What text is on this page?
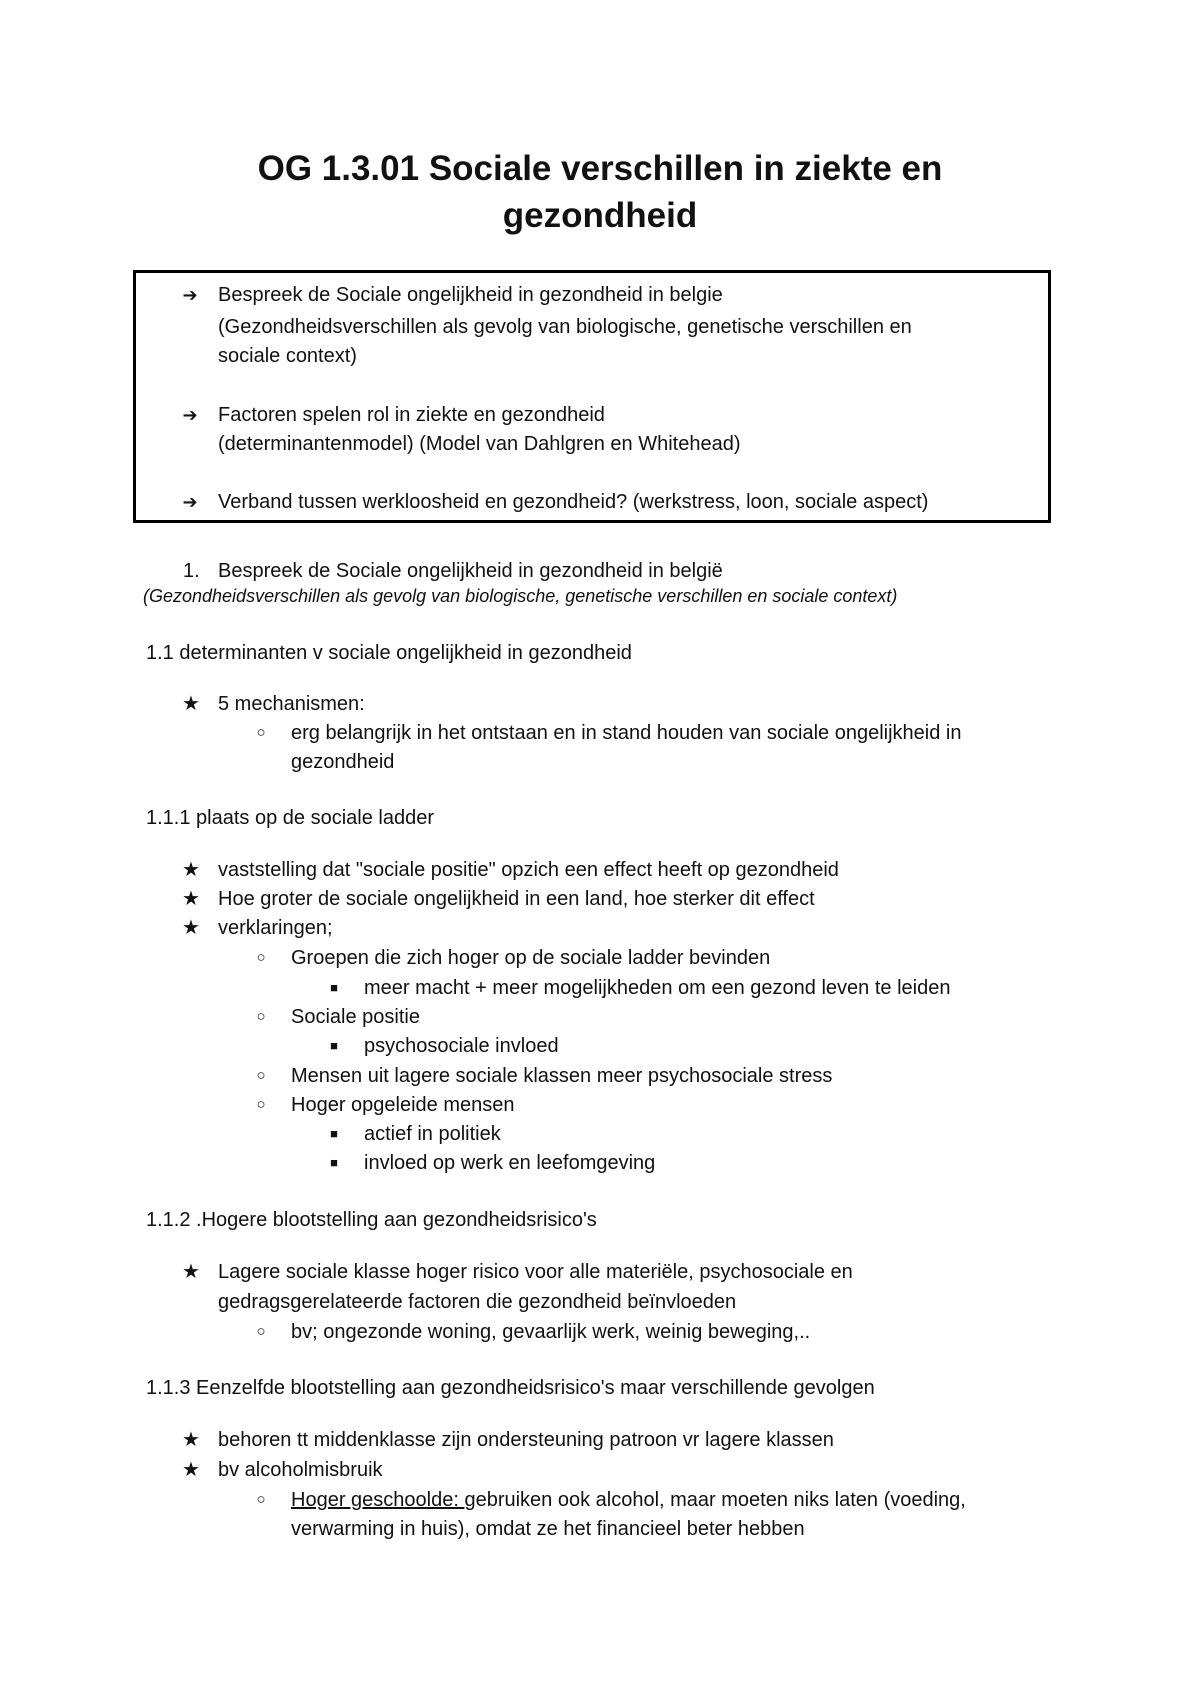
OG 1.3.01 Sociale verschillen in ziekte en
gezondheid
➔ Bespreek de Sociale ongelijkheid in gezondheid in belgie
(Gezondheidsverschillen als gevolg van biologische, genetische verschillen en
sociale context)
➔ Factoren spelen rol in ziekte en gezondheid
(determinantenmodel) (Model van Dahlgren en Whitehead)
➔ Verband tussen werkloosheid en gezondheid? (werkstress, loon, sociale aspect)
1. Bespreek de Sociale ongelijkheid in gezondheid in belgië
(Gezondheidsverschillen als gevolg van biologische, genetische verschillen en sociale context)
1.1 determinanten v sociale ongelijkheid in gezondheid
★ 5 mechanismen:
○ erg belangrijk in het ontstaan en in stand houden van sociale ongelijkheid in
gezondheid
1.1.1 plaats op de sociale ladder
★ vaststelling dat "sociale positie" opzich een effect heeft op gezondheid
★ Hoe groter de sociale ongelijkheid in een land, hoe sterker dit effect
★ verklaringen;
○ Groepen die zich hoger op de sociale ladder bevinden
■ meer macht + meer mogelijkheden om een gezond leven te leiden
○ Sociale positie
■ psychosociale invloed
○ Mensen uit lagere sociale klassen meer psychosociale stress
○ Hoger opgeleide mensen
■ actief in politiek
■ invloed op werk en leefomgeving
1.1.2 .Hogere blootstelling aan gezondheidsrisico's
★ Lagere sociale klasse hoger risico voor alle materiële, psychosociale en
gedragsgerelateerde factoren die gezondheid beïnvloeden
○ bv; ongezonde woning, gevaarlijk werk, weinig beweging,..
1.1.3 Eenzelfde blootstelling aan gezondheidsrisico's maar verschillende gevolgen
★ behoren tt middenklasse zijn ondersteuning patroon vr lagere klassen
★ bv alcoholmisbruik
○ Hoger geschoolde: gebruiken ook alcohol, maar moeten niks laten (voeding,
verwarming in huis), omdat ze het financieel beter hebben
